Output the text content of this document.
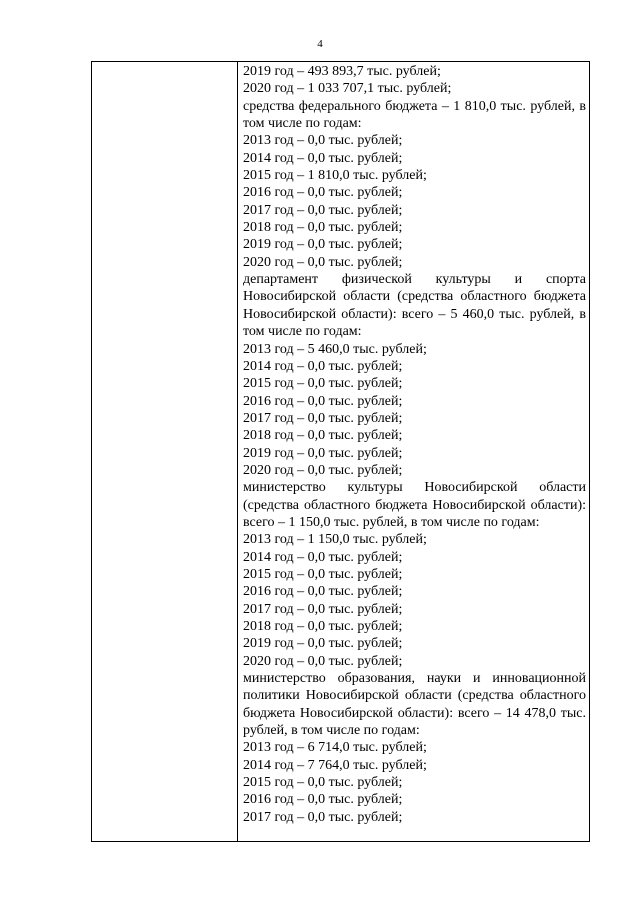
4
2019 год – 493 893,7 тыс. рублей;
2020 год – 1 033 707,1 тыс. рублей;
средства федерального бюджета – 1 810,0 тыс. рублей, в том числе по годам:
2013 год – 0,0 тыс. рублей;
2014 год – 0,0 тыс. рублей;
2015 год – 1 810,0 тыс. рублей;
2016 год – 0,0 тыс. рублей;
2017 год – 0,0 тыс. рублей;
2018 год – 0,0 тыс. рублей;
2019 год – 0,0 тыс. рублей;
2020 год – 0,0 тыс. рублей;
департамент физической культуры и спорта Новосибирской области (средства областного бюджета Новосибирской области): всего – 5 460,0 тыс. рублей, в том числе по годам:
2013 год – 5 460,0 тыс. рублей;
2014 год – 0,0 тыс. рублей;
2015 год – 0,0 тыс. рублей;
2016 год – 0,0 тыс. рублей;
2017 год – 0,0 тыс. рублей;
2018 год – 0,0 тыс. рублей;
2019 год – 0,0 тыс. рублей;
2020 год – 0,0 тыс. рублей;
министерство культуры Новосибирской области (средства областного бюджета Новосибирской области): всего – 1 150,0 тыс. рублей, в том числе по годам:
2013 год – 1 150,0 тыс. рублей;
2014 год – 0,0 тыс. рублей;
2015 год – 0,0 тыс. рублей;
2016 год – 0,0 тыс. рублей;
2017 год – 0,0 тыс. рублей;
2018 год – 0,0 тыс. рублей;
2019 год – 0,0 тыс. рублей;
2020 год – 0,0 тыс. рублей;
министерство образования, науки и инновационной политики Новосибирской области (средства областного бюджета Новосибирской области): всего – 14 478,0 тыс. рублей, в том числе по годам:
2013 год – 6 714,0 тыс. рублей;
2014 год – 7 764,0 тыс. рублей;
2015 год – 0,0 тыс. рублей;
2016 год – 0,0 тыс. рублей;
2017 год – 0,0 тыс. рублей;
